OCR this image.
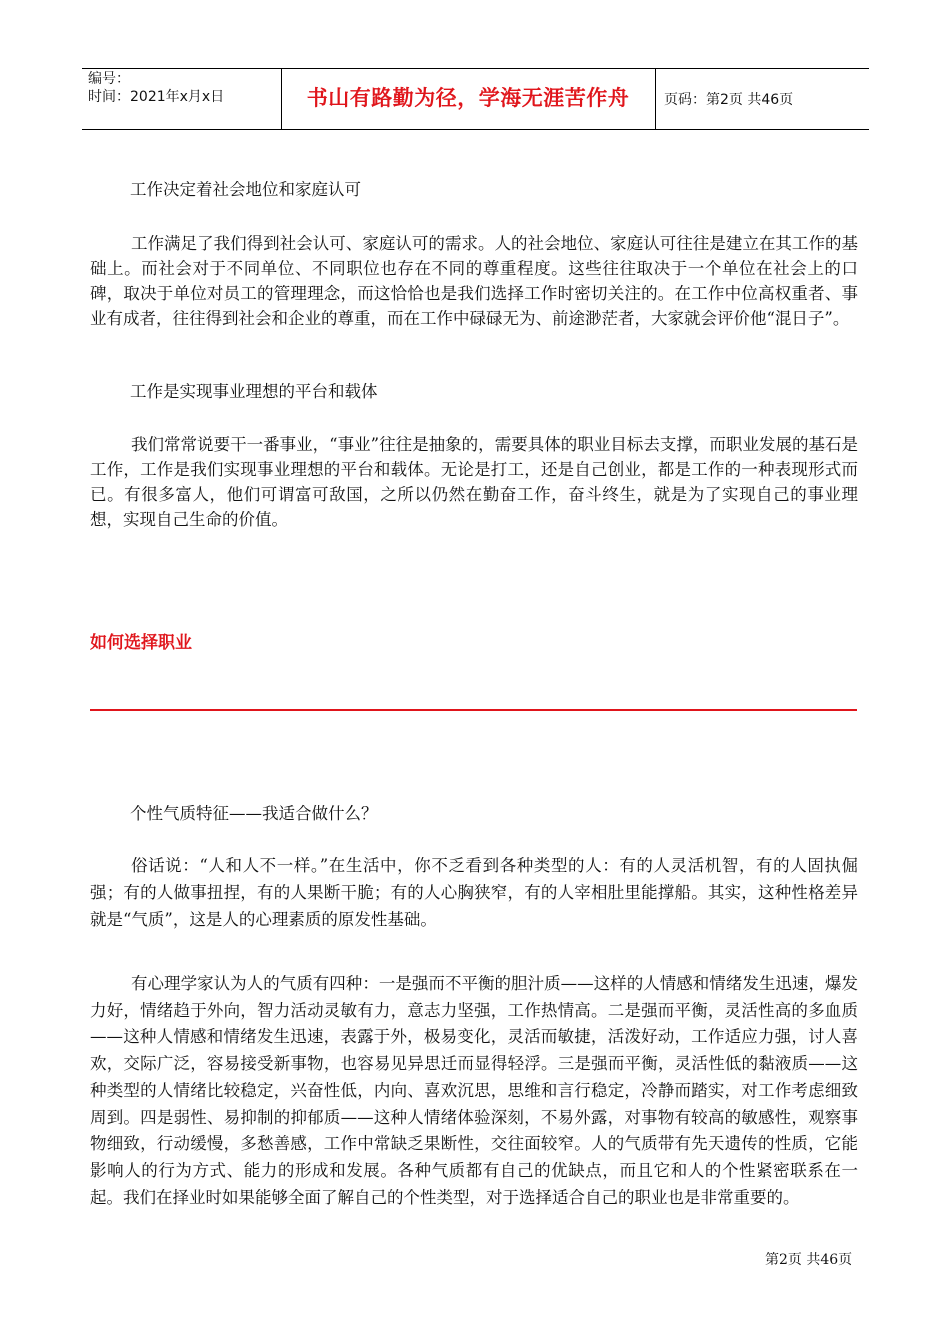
编号：
时间：2021年x月x日	书山有路勤为径，学海无涯苦作舟	页码：第2页 共46页

工作决定着社会地位和家庭认可

工作满足了我们得到社会认可、家庭认可的需求。人的社会地位、家庭认可往往是建立在其工作的基础上。而社会对于不同单位、不同职位也存在不同的尊重程度。这些往往取决于一个单位在社会上的口碑，取决于单位对员工的管理理念，而这恰恰也是我们选择工作时密切关注的。在工作中位高权重者、事业有成者，往往得到社会和企业的尊重，而在工作中碌碌无为、前途渺茫者，大家就会评价他“混日子”。

工作是实现事业理想的平台和载体

我们常常说要干一番事业，“事业”往往是抽象的，需要具体的职业目标去支撑，而职业发展的基石是工作，工作是我们实现事业理想的平台和载体。无论是打工，还是自己创业，都是工作的一种表现形式而已。有很多富人，他们可谓富可敌国，之所以仍然在勤奋工作，奋斗终生，就是为了实现自己的事业理想，实现自己生命的价值。

如何选择职业

个性气质特征——我适合做什么？

俗话说：“人和人不一样。”在生活中，你不乏看到各种类型的人：有的人灵活机智，有的人固执倔强；有的人做事扭捏，有的人果断干脆；有的人心胸狭窄，有的人宰相肚里能撑船。其实，这种性格差异就是“气质”，这是人的心理素质的原发性基础。

有心理学家认为人的气质有四种：一是强而不平衡的胆汁质——这样的人情感和情绪发生迅速，爆发力好，情绪趋于外向，智力活动灵敏有力，意志力坚强，工作热情高。二是强而平衡，灵活性高的多血质——这种人情感和情绪发生迅速，表露于外，极易变化，灵活而敏捷，活泼好动，工作适应力强，讨人喜欢，交际广泛，容易接受新事物，也容易见异思迁而显得轻浮。三是强而平衡，灵活性低的黏液质——这种类型的人情绪比较稳定，兴奋性低，内向、喜欢沉思，思维和言行稳定，冷静而踏实，对工作考虑细致周到。四是弱性、易抑制的抑郁质——这种人情绪体验深刻，不易外露，对事物有较高的敏感性，观察事物细致，行动缓慢，多愁善感，工作中常缺乏果断性，交往面较窄。人的气质带有先天遗传的性质，它能影响人的行为方式、能力的形成和发展。各种气质都有自己的优缺点，而且它和人的个性紧密联系在一起。我们在择业时如果能够全面了解自己的个性类型，对于选择适合自己的职业也是非常重要的。

第2页 共46页
